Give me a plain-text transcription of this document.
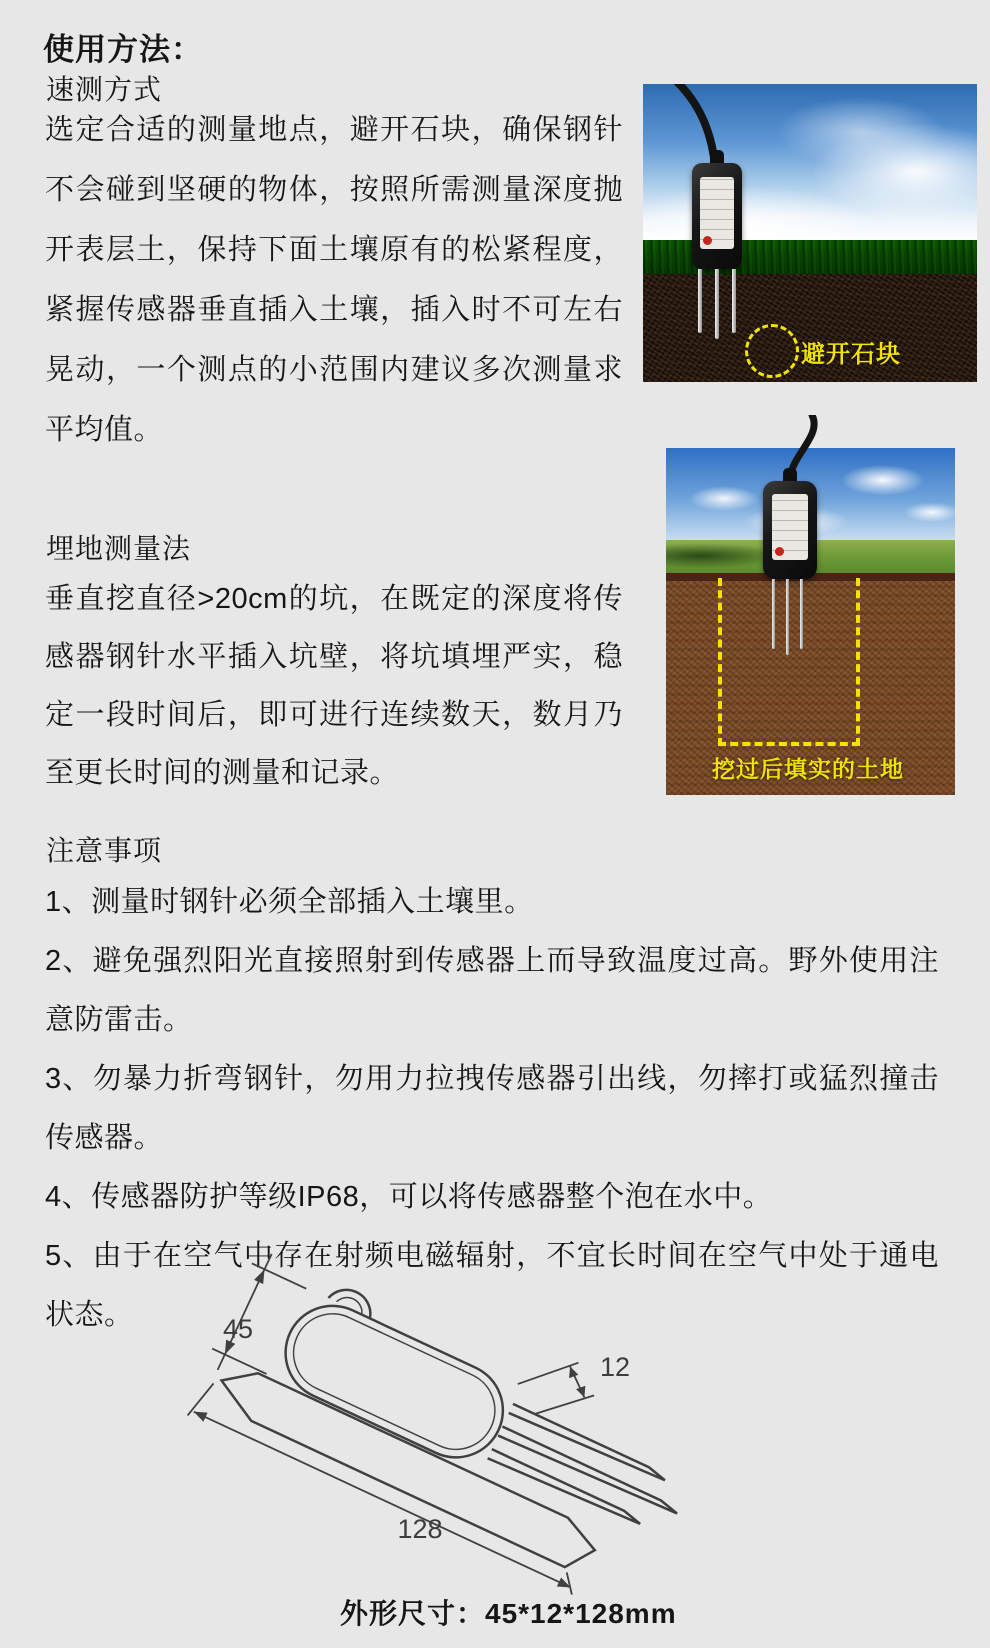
使用方法：
速测方式

选定合适的测量地点，避开石块，确保钢针不会碰到坚硬的物体，按照所需测量深度抛开表层土，保持下面土壤原有的松紧程度，紧握传感器垂直插入土壤，插入时不可左右晃动，一个测点的小范围内建议多次测量求平均值。

避开石块
埋地测量法

垂直挖直径>20cm的坑，在既定的深度将传感器钢针水平插入坑壁，将坑填埋严实，稳定一段时间后，即可进行连续数天，数月乃至更长时间的测量和记录。	挖过后填实的土地
注意事项
1、测量时钢针必须全部插入土壤里。
2、避免强烈阳光直接照射到传感器上而导致温度过高。野外使用注意防雷击。
3、勿暴力折弯钢针，勿用力拉拽传感器引出线，勿摔打或猛烈撞击传感器。
4、传感器防护等级IP68，可以将传感器整个泡在水中。
5、由于在空气中存在射频电磁辐射，不宜长时间在空气中处于通电状态。	45
12
128
外形尺寸：45*12*128mm
